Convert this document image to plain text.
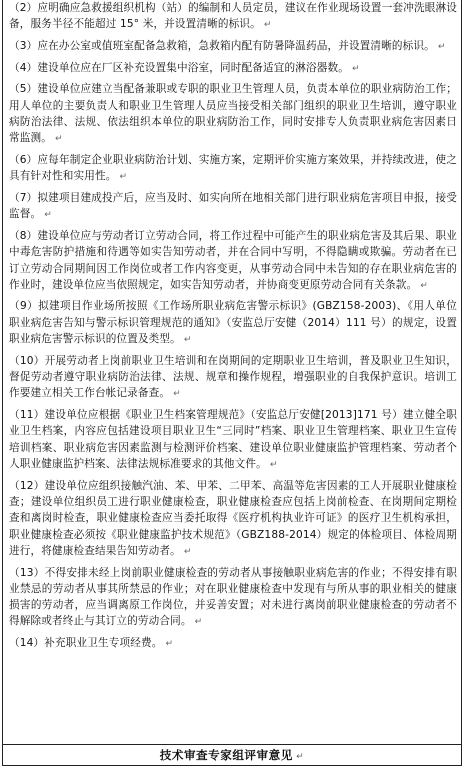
（2）应明确应急救援组织机构（站）的编制和人员定员，建议在作业现场设置一套冲洗眼淋设备，服务半径不能超过 15° 米，并设置清晰的标识。 ↵

（3）应在办公室或值班室配备急救箱，急救箱内配有防暑降温药品，并设置清晰的标识。 ↵

（4）建设单位应在厂区补充设置集中浴室，同时配备适宜的淋浴器数。 ↵

（5）建设单位应建立当配备兼职或专职的职业卫生管理人员，负责本单位的职业病防治工作；用人单位的主要负责人和职业卫生管理人员应当接受相关部门组织的职业卫生培训，遵守职业病防治法律、法规、依法组织本单位的职业病防治工作，同时安排专人负责职业病危害因素日常监测。 ↵

（6）应每年制定企业职业病防治计划、实施方案，定期评价实施方案效果，并持续改进，使之具有针对性和实用性。 ↵

（7）拟建项目建成投产后，应当及时、如实向所在地相关部门进行职业病危害项目申报，接受监督。 ↵

（8）建设单位应与劳动者订立劳动合同，将工作过程中可能产生的职业病危害及其后果、职业中毒危害防护措施和待遇等如实告知劳动者，并在合同中写明，不得隐瞒或欺骗。劳动者在已订立劳动合同期间因工作岗位或者工作内容变更，从事劳动合同中未告知的存在职业病危害的作业时，建设单位应当依照规定，如实告知劳动者，并协商变更原劳动合同有关条款。 ↵

（9）拟建项目作业场所按照《工作场所职业病危害警示标识》(GBZ158-2003)、《用人单位职业病危害告知与警示标识管理规范的通知》（安监总厅安健（2014）111 号）的规定，设置职业病危害警示标识的位置及类型。 ↵

（10）开展劳动者上岗前职业卫生培训和在岗期间的定期职业卫生培训，普及职业卫生知识，督促劳动者遵守职业病防治法律、法规、规章和操作规程，增强职业的自我保护意识。培训工作要建立相关工作台帐记录备查。 ↵

（11）建设单位应根据《职业卫生档案管理规范》（安监总厅安健[2013]171 号）建立健全职业卫生档案，内容应包括建设项目职业卫生“三同时”档案、职业卫生管理档案、职业卫生宣传培训档案、职业病危害因素监测与检测评价档案、建设单位职业健康监护管理档案、劳动者个人职业健康监护档案、法律法规标准要求的其他文件。 ↵

（12）建设单位应组织接触汽油、苯、甲苯、二甲苯、高温等危害因素的工人开展职业健康检查；建设单位组织员工进行职业健康检查，职业健康检查应包括上岗前检查、在岗期间定期检查和离岗时检查，职业健康检查应当委托取得《医疗机构执业许可证》的医疗卫生机构承担，职业健康检查必须按《职业健康监护技术规范》（GBZ188-2014）规定的体检项目、体检周期进行，将健康检查结果告知劳动者。 ↵

（13）不得安排未经上岗前职业健康检查的劳动者从事接触职业病危害的作业；不得安排有职业禁忌的劳动者从事其所禁忌的作业；对在职业健康检查中发现有与所从事的职业相关的健康损害的劳动者，应当调离原工作岗位，并妥善安置；对未进行离岗前职业健康检查的劳动者不得解除或者终止与其订立的劳动合同。 ↵

（14）补充职业卫生专项经费。 ↵

技术审查专家组评审意见 ↵
